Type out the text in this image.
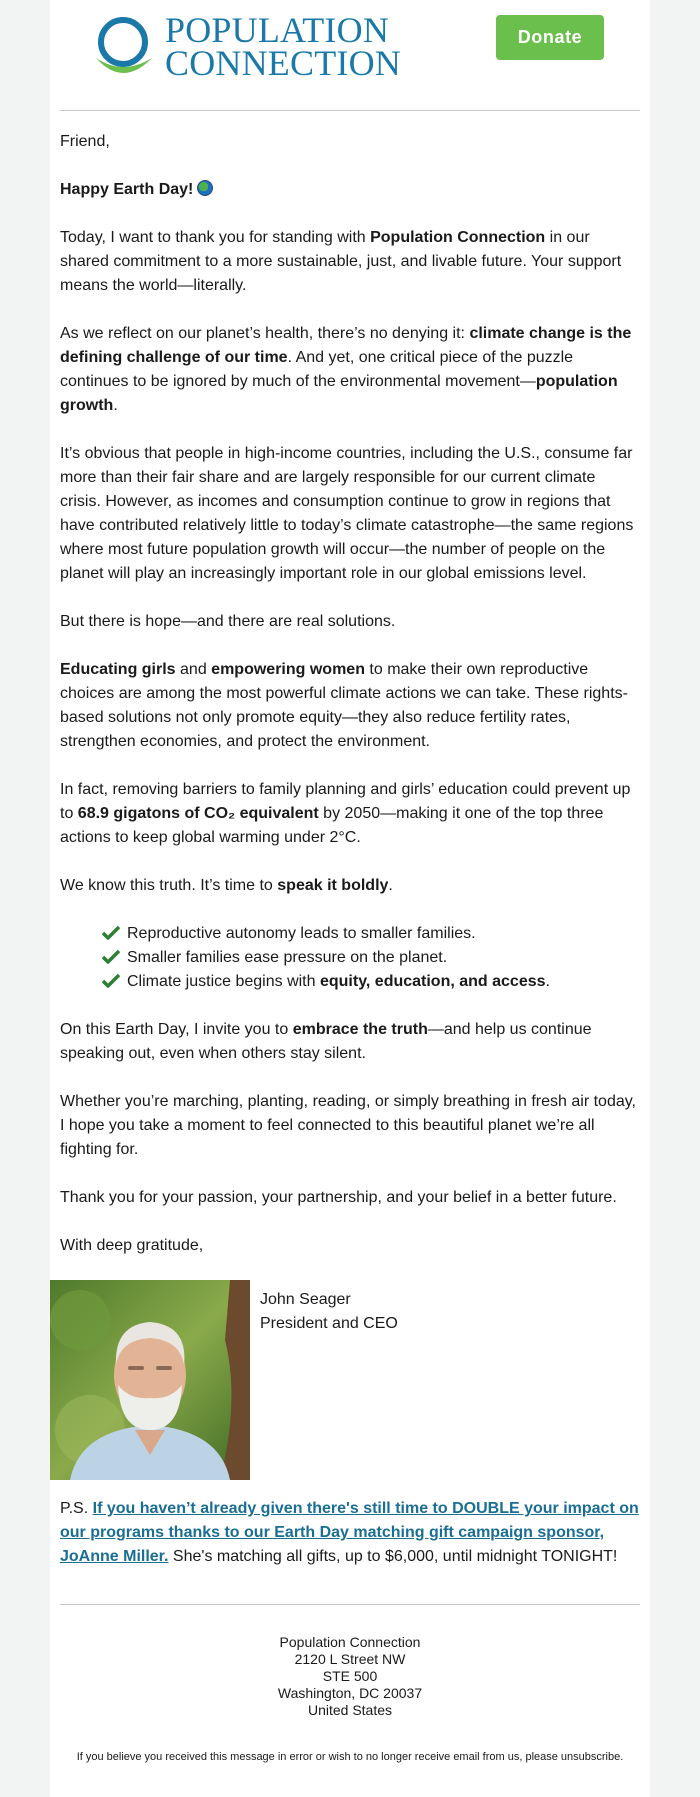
POPULATION
CONNECTION
Donate

Friend,

Happy Earth Day!

Today, I want to thank you for standing with Population Connection in our shared commitment to a more sustainable, just, and livable future. Your support means the world—literally.

As we reflect on our planet’s health, there’s no denying it: climate change is the defining challenge of our time. And yet, one critical piece of the puzzle continues to be ignored by much of the environmental movement—population growth.

It’s obvious that people in high-income countries, including the U.S., consume far more than their fair share and are largely responsible for our current climate crisis. However, as incomes and consumption continue to grow in regions that have contributed relatively little to today’s climate catastrophe—the same regions where most future population growth will occur—the number of people on the planet will play an increasingly important role in our global emissions level.

But there is hope—and there are real solutions.

Educating girls and empowering women to make their own reproductive choices are among the most powerful climate actions we can take. These rights-based solutions not only promote equity—they also reduce fertility rates, strengthen economies, and protect the environment.

In fact, removing barriers to family planning and girls’ education could prevent up to 68.9 gigatons of CO₂ equivalent by 2050—making it one of the top three actions to keep global warming under 2°C.

We know this truth. It’s time to speak it boldly.

Reproductive autonomy leads to smaller families.
Smaller families ease pressure on the planet.
Climate justice begins with equity, education, and access.

On this Earth Day, I invite you to embrace the truth—and help us continue speaking out, even when others stay silent.

Whether you’re marching, planting, reading, or simply breathing in fresh air today, I hope you take a moment to feel connected to this beautiful planet we’re all fighting for.

Thank you for your passion, your partnership, and your belief in a better future.

With deep gratitude,

John Seager
President and CEO
P.S. If you haven’t already given there's still time to DOUBLE your impact on our programs thanks to our Earth Day matching gift campaign sponsor, JoAnne Miller. She's matching all gifts, up to $6,000, until midnight TONIGHT!
Population Connection
2120 L Street NW
STE 500
Washington, DC 20037
United States
If you believe you received this message in error or wish to no longer receive email from us, please unsubscribe.
